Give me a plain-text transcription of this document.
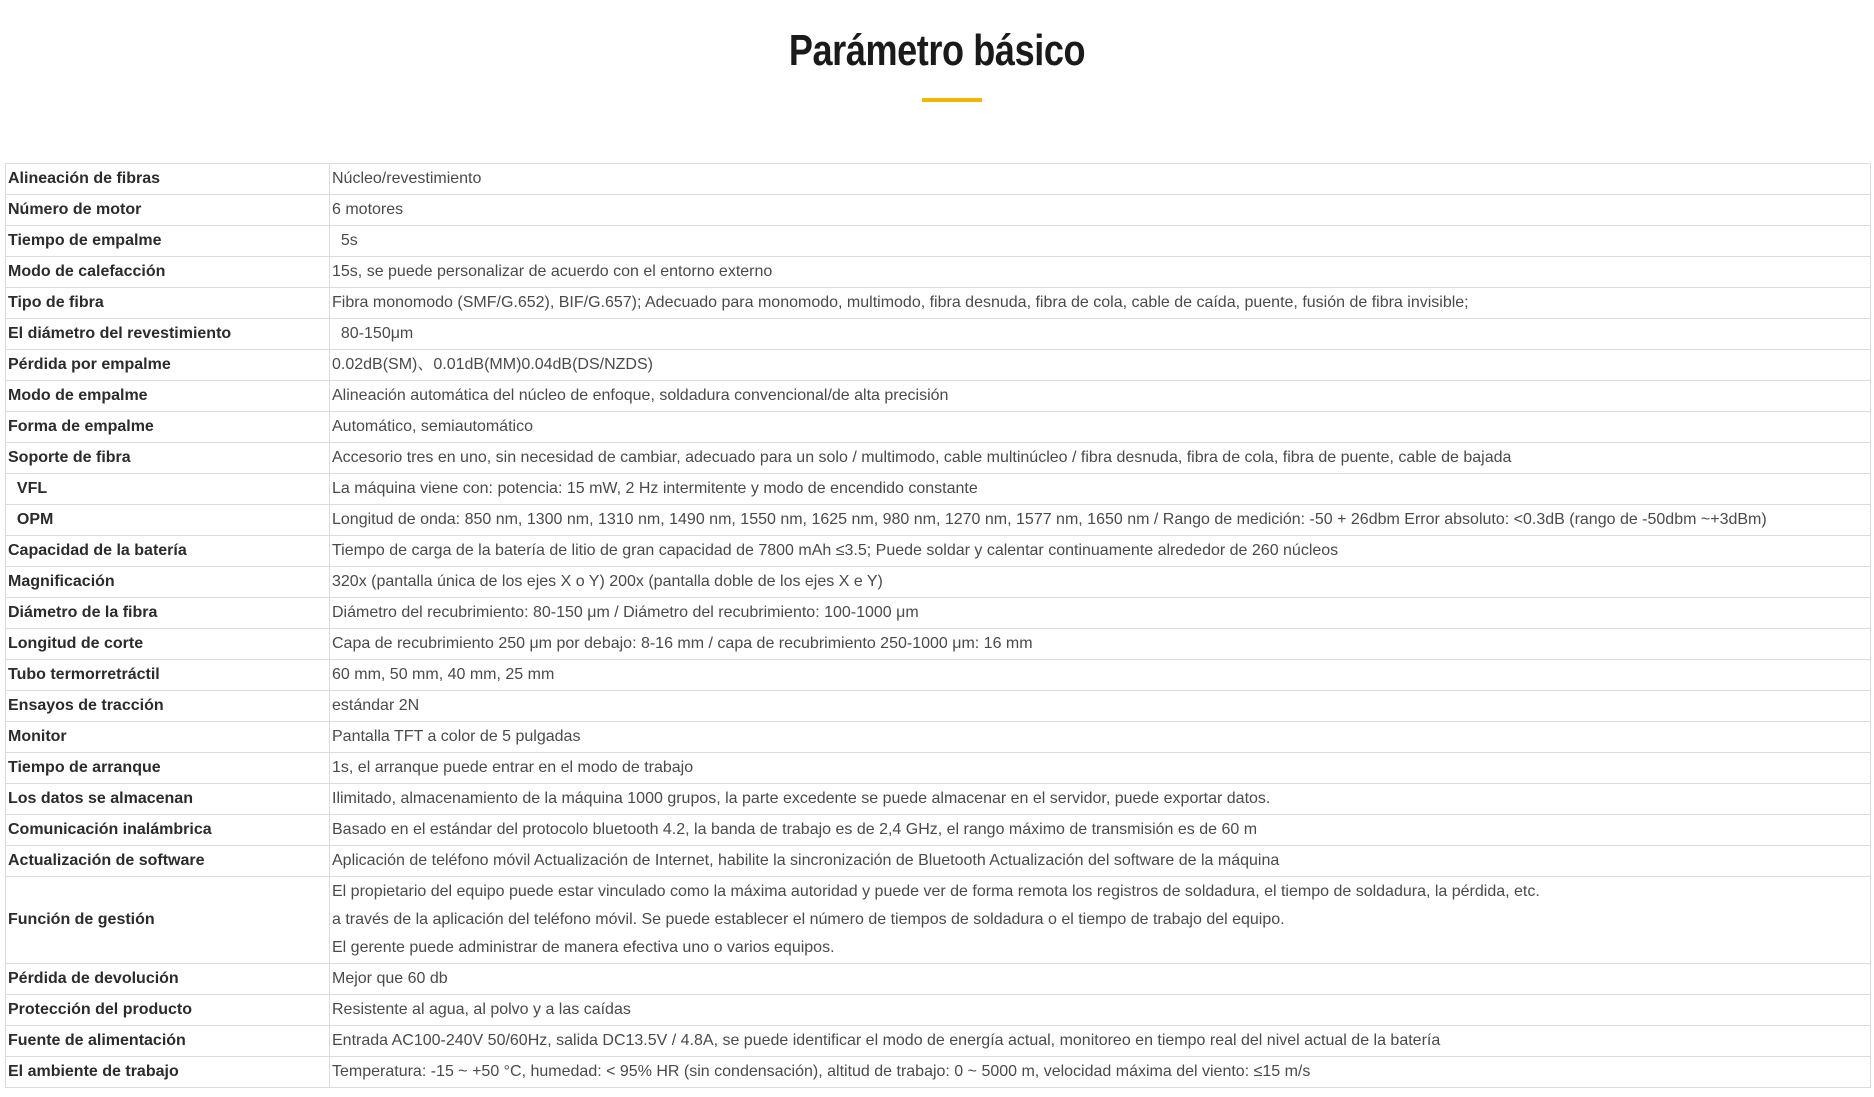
Parámetro básico
Alineación de fibras	Núcleo/revestimiento
Número de motor	6 motores
Tiempo de empalme	5s
Modo de calefacción	15s, se puede personalizar de acuerdo con el entorno externo
Tipo de fibra	Fibra monomodo (SMF/G.652), BIF/G.657); Adecuado para monomodo, multimodo, fibra desnuda, fibra de cola, cable de caída, puente, fusión de fibra invisible;
El diámetro del revestimiento	80-150μm
Pérdida por empalme	0.02dB(SM)、0.01dB(MM)0.04dB(DS/NZDS)
Modo de empalme	Alineación automática del núcleo de enfoque, soldadura convencional/de alta precisión
Forma de empalme	Automático, semiautomático
Soporte de fibra	Accesorio tres en uno, sin necesidad de cambiar, adecuado para un solo / multimodo, cable multinúcleo / fibra desnuda, fibra de cola, fibra de puente, cable de bajada
VFL	La máquina viene con: potencia: 15 mW, 2 Hz intermitente y modo de encendido constante
OPM	Longitud de onda: 850 nm, 1300 nm, 1310 nm, 1490 nm, 1550 nm, 1625 nm, 980 nm, 1270 nm, 1577 nm, 1650 nm / Rango de medición: -50 + 26dbm Error absoluto: <0.3dB (rango de -50dbm ~+3dBm)
Capacidad de la batería	Tiempo de carga de la batería de litio de gran capacidad de 7800 mAh ≤3.5; Puede soldar y calentar continuamente alrededor de 260 núcleos
Magnificación	320x (pantalla única de los ejes X o Y) 200x (pantalla doble de los ejes X e Y)
Diámetro de la fibra	Diámetro del recubrimiento: 80-150 μm / Diámetro del recubrimiento: 100-1000 μm
Longitud de corte	Capa de recubrimiento 250 μm por debajo: 8-16 mm / capa de recubrimiento 250-1000 μm: 16 mm
Tubo termorretráctil	60 mm, 50 mm, 40 mm, 25 mm
Ensayos de tracción	estándar 2N
Monitor	Pantalla TFT a color de 5 pulgadas
Tiempo de arranque	1s, el arranque puede entrar en el modo de trabajo
Los datos se almacenan	Ilimitado, almacenamiento de la máquina 1000 grupos, la parte excedente se puede almacenar en el servidor, puede exportar datos.
Comunicación inalámbrica	Basado en el estándar del protocolo bluetooth 4.2, la banda de trabajo es de 2,4 GHz, el rango máximo de transmisión es de 60 m
Actualización de software	Aplicación de teléfono móvil Actualización de Internet, habilite la sincronización de Bluetooth Actualización del software de la máquina
Función de gestión	El propietario del equipo puede estar vinculado como la máxima autoridad y puede ver de forma remota los registros de soldadura, el tiempo de soldadura, la pérdida, etc.
a través de la aplicación del teléfono móvil. Se puede establecer el número de tiempos de soldadura o el tiempo de trabajo del equipo.
El gerente puede administrar de manera efectiva uno o varios equipos.

Pérdida de devolución	Mejor que 60 db
Protección del producto	Resistente al agua, al polvo y a las caídas
Fuente de alimentación	Entrada AC100-240V 50/60Hz, salida DC13.5V / 4.8A, se puede identificar el modo de energía actual, monitoreo en tiempo real del nivel actual de la batería
El ambiente de trabajo	Temperatura: -15 ~ +50 °C, humedad: < 95% HR (sin condensación), altitud de trabajo: 0 ~ 5000 m, velocidad máxima del viento: ≤15 m/s
